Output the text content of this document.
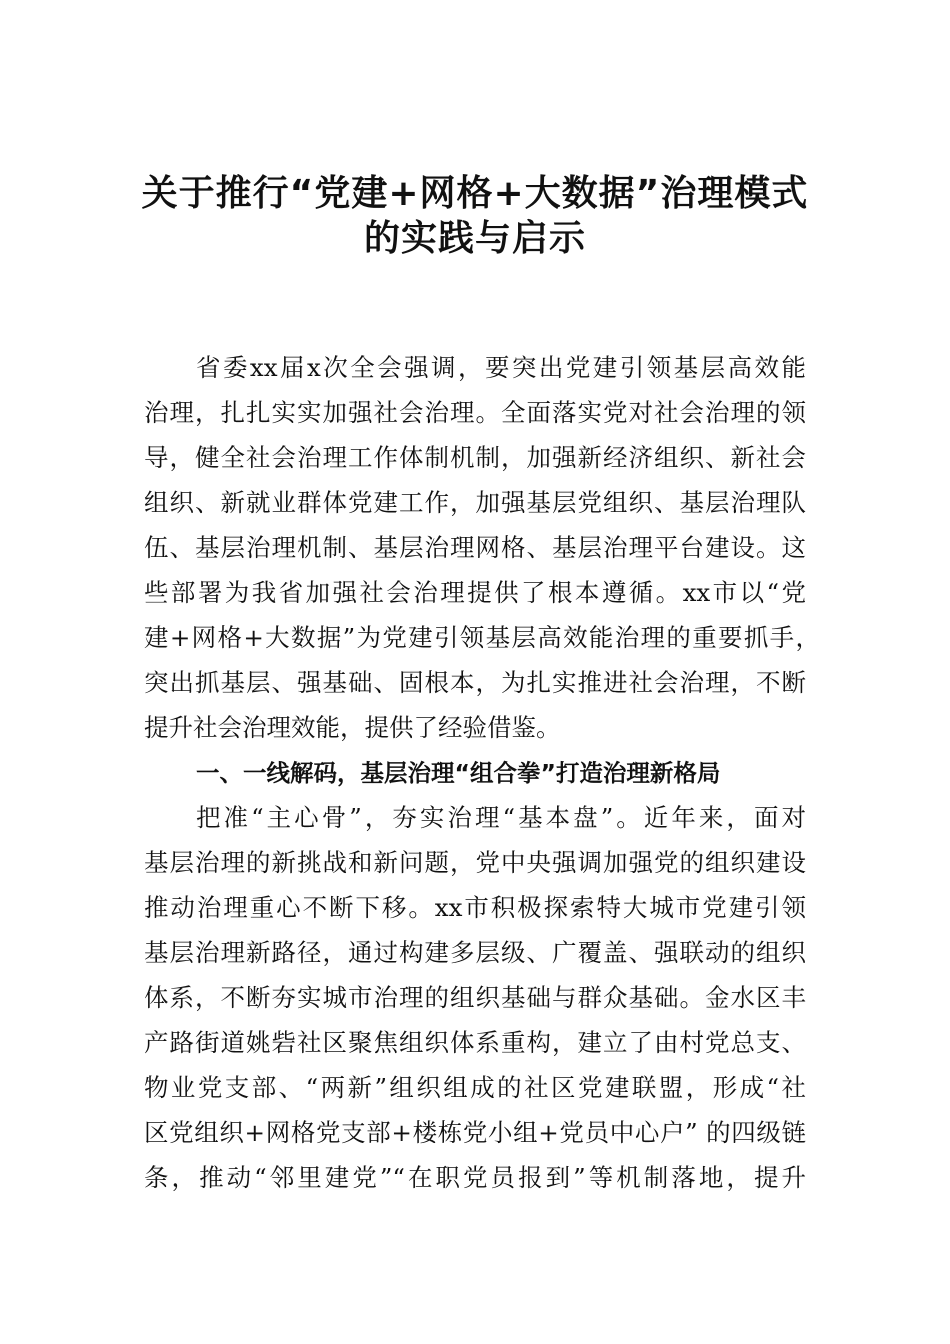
关于推行“党建+网格+大数据”治理模式
的实践与启示
省委xx届x次全会强调，要突出党建引领基层高效能
治理，扎扎实实加强社会治理。全面落实党对社会治理的领
导，健全社会治理工作体制机制，加强新经济组织、新社会
组织、新就业群体党建工作，加强基层党组织、基层治理队
伍、基层治理机制、基层治理网格、基层治理平台建设。这
些部署为我省加强社会治理提供了根本遵循。xx市以“党
建+网格+大数据”为党建引领基层高效能治理的重要抓手，
突出抓基层、强基础、固根本，为扎实推进社会治理，不断
提升社会治理效能，提供了经验借鉴。
一、一线解码，基层治理“组合拳”打造治理新格局
把准“主心骨”，夯实治理“基本盘”。近年来，面对
基层治理的新挑战和新问题，党中央强调加强党的组织建设
推动治理重心不断下移。xx市积极探索特大城市党建引领
基层治理新路径，通过构建多层级、广覆盖、强联动的组织
体系，不断夯实城市治理的组织基础与群众基础。金水区丰
产路街道姚砦社区聚焦组织体系重构，建立了由村党总支、
物业党支部、“两新”组织组成的社区党建联盟，形成“社
区党组织+网格党支部+楼栋党小组+党员中心户” 的四级链
条，推动“邻里建党”“在职党员报到”等机制落地，提升
